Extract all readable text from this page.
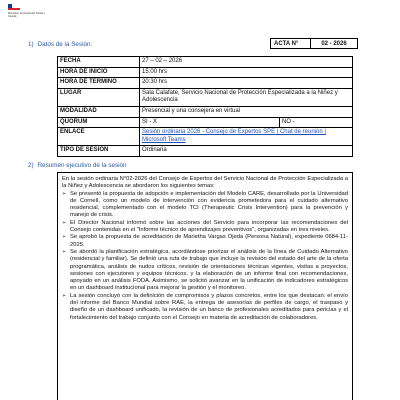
Ministerio de Desarrollo Social y Familia
ACTA N°	02 - 2026
1) Datos de la Sesión:
FECHA	27 – 02 – 2026	
HORA DE INICIO	15:00 hrs	
HORA DE TERMINO	20:30 hrs	
LUGAR	Sala Calafate, Servicio Nacional de Protección Especializada a la Niñez y Adolescencia	
MODALIDAD	Presencial y una consejera en virtual	
QUORUM	SI - X	NO -
ENLACE	Sesión ordinaria 2026 - Consejo de Expertos SPE | Chat de reunión | Microsoft Teams	
TIPO DE SESIÓN	Ordinaria	
2) Resumen ejecutivo de la sesión

En la sesión ordinaria N°02-2026 del Consejo de Expertos del Servicio Nacional de Protección Especializada a la Niñez y Adolescencia se abordaron los siguientes temas:

➢ Se presentó la propuesta de adopción e implementación del Modelo CARE, desarrollado por la Universidad de Cornell, como un modelo de intervención con evidencia prometedora para el cuidado alternativo residencial, complementado con el modelo TCI (Therapeutic Crisis Intervention) para la prevención y manejo de crisis.
➢ El Director Nacional informó sobre las acciones del Servicio para incorporar las recomendaciones del Consejo contenidas en el "Informe técnico de aprendizajes preventivos", organizadas en tres niveles.
➢ Se aprobó la propuesta de acreditación de Marietha Vargas Ojeda (Persona Natural), expediente 0684-11-2025.
➢ Se abordó la planificación estratégica, acordándose priorizar el análisis de la línea de Cuidado Alternativo (residencial y familiar). Se definió una ruta de trabajo que incluye la revisión del estado del arte de la oferta programática, análisis de nudos críticos, revisión de orientaciones técnicas vigentes, visitas a proyectos, sesiones con ejecutores y equipos técnicos, y la elaboración de un informe final con recomendaciones, apoyado en un análisis FODA. Asimismo, se solicitó avanzar en la unificación de indicadores estratégicos en un dashboard institucional para mejorar la gestión y el monitoreo.
➢ La sesión concluyó con la definición de compromisos y plazos concretos, entre los que destacan: el envío del informe del Banco Mundial sobre RAE, la entrega de asesorías de perfiles de cargo, el traspaso y diseño de un dashboard unificado, la revisión de un banco de profesionales acreditados para pericias y el fortalecimiento del trabajo conjunto con el Consejo en materia de acreditación de colaboradores.
